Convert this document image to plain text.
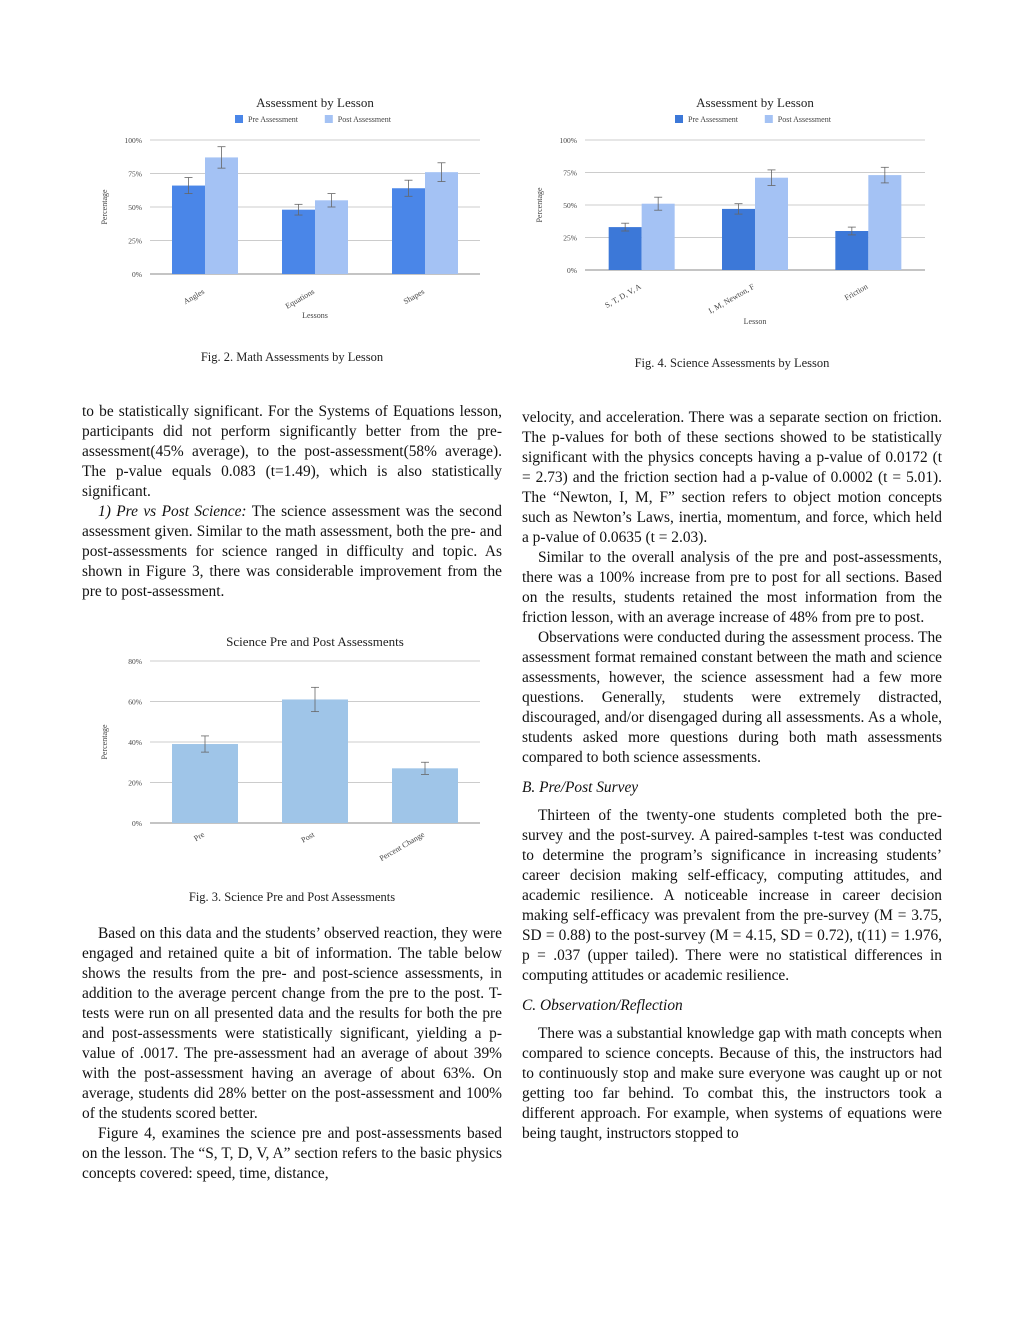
Assessment by Lesson
Pre Assessment	Post Assessment
0%
25%
50%
75%
100%
Percentage
Angles	Equations	Shapes
Lessons
Fig. 2. Math Assessments by Lesson
Assessment by Lesson
Pre Assessment	Post Assessment
0%
25%
50%
75%
100%
Percentage
S, T, D, V, A	I, M, Newton, F	Friction
Lesson
Fig. 4. Science Assessments by Lesson

to be statistically significant. For the Systems of Equations lesson, participants did not perform significantly better from the pre-assessment(45% average), to the post-assessment(58% average). The p-value equals 0.083 (t=1.49), which is also statistically significant.

1) Pre vs Post Science: The science assessment was the second assessment given. Similar to the math assessment, both the pre- and post-assessments for science ranged in difficulty and topic. As shown in Figure 3, there was considerable improvement from the pre to post-assessment.

Science Pre and Post Assessments
0%
20%
40%
60%
80%
Percentage
Pre	Post	Percent Change
Fig. 3. Science Pre and Post Assessments

Based on this data and the students’ observed reaction, they were engaged and retained quite a bit of information. The table below shows the results from the pre- and post-science assessments, in addition to the average percent change from the pre to the post. T-tests were run on all presented data and the results for both the pre and post-assessments were statistically significant, yielding a p-value of .0017. The pre-assessment had an average of about 39% with the post-assessment having an average of about 63%. On average, students did 28% better on the post-assessment and 100% of the students scored better.

Figure 4, examines the science pre and post-assessments based on the lesson. The “S, T, D, V, A” section refers to the basic physics concepts covered: speed, time, distance,

velocity, and acceleration. There was a separate section on friction. The p-values for both of these sections showed to be statistically significant with the physics concepts having a p-value of 0.0172 (t = 2.73) and the friction section had a p-value of 0.0002 (t = 5.01). The “Newton, I, M, F” section refers to object motion concepts such as Newton’s Laws, inertia, momentum, and force, which held a p-value of 0.0635 (t = 2.03).

Similar to the overall analysis of the pre and post-assessments, there was a 100% increase from pre to post for all sections. Based on the results, students retained the most information from the friction lesson, with an average increase of 48% from pre to post.

Observations were conducted during the assessment process. The assessment format remained constant between the math and science assessments, however, the science assessment had a few more questions. Generally, students were extremely distracted, discouraged, and/or disengaged during all assessments. As a whole, students asked more questions during both math assessments compared to both science assessments.

B. Pre/Post Survey

Thirteen of the twenty-one students completed both the pre-survey and the post-survey. A paired-samples t-test was conducted to determine the program’s significance in increasing students’ career decision making self-efficacy, computing attitudes, and academic resilience. A noticeable increase in career decision making self-efficacy was prevalent from the pre-survey (M = 3.75, SD = 0.88) to the post-survey (M = 4.15, SD = 0.72), t(11) = 1.976, p = .037 (upper tailed). There were no statistical differences in computing attitudes or academic resilience.

C. Observation/Reflection

There was a substantial knowledge gap with math concepts when compared to science concepts. Because of this, the instructors had to continuously stop and make sure everyone was caught up or not getting too far behind. To combat this, the instructors took a different approach. For example, when systems of equations were being taught, instructors stopped to
